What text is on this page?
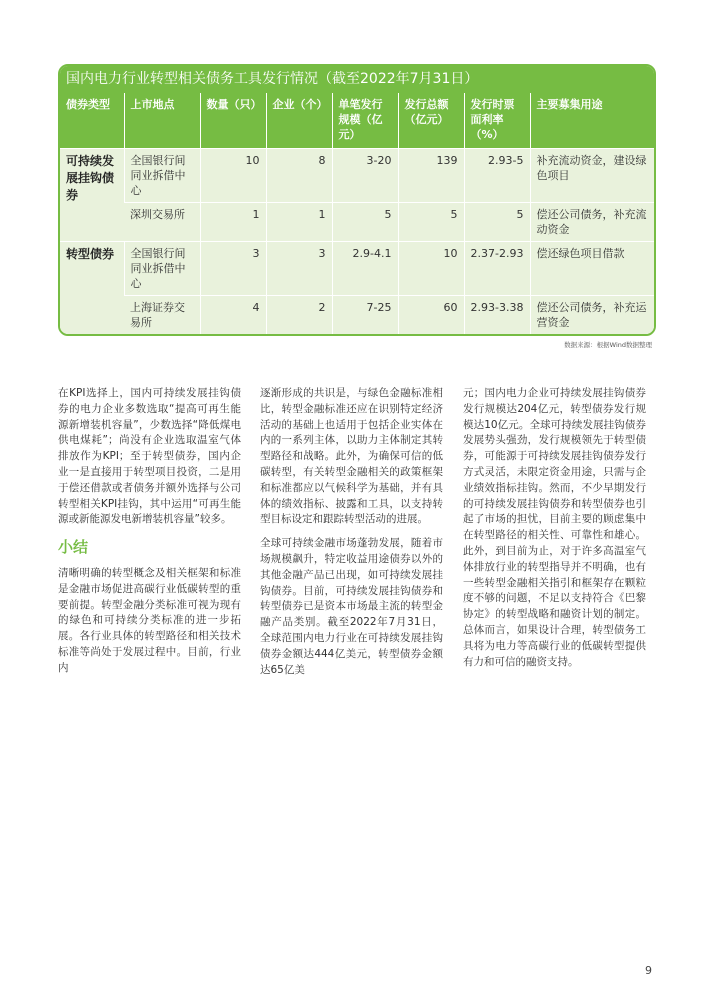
国内电力行业转型相关债务工具发行情况（截至2022年7月31日）
债券类型	上市地点	数量（只）	企业（个）	单笔发行规模（亿元）	发行总额（亿元）	发行时票面利率（%）	主要募集用途
可持续发展挂钩债券	全国银行间同业拆借中心	10	8	3-20	139	2.93-5	补充流动资金，建设绿色项目
	深圳交易所	1	1	5	5	5	偿还公司债务，补充流动资金
转型债券	全国银行间同业拆借中心	3	3	2.9-4.1	10	2.37-2.93	偿还绿色项目借款
	上海证券交易所	4	2	7-25	60	2.93-3.38	偿还公司债务，补充运营资金
数据来源：根据Wind数据整理

在KPI选择上，国内可持续发展挂钩债券的电力企业多数选取“提高可再生能源新增装机容量”，少数选择“降低煤电供电煤耗”；尚没有企业选取温室气体排放作为KPI；至于转型债券，国内企业一是直接用于转型项目投资，二是用于偿还借款或者债务并额外选择与公司转型相关KPI挂钩，其中运用“可再生能源或新能源发电新增装机容量”较多。

小结

清晰明确的转型概念及相关框架和标准是金融市场促进高碳行业低碳转型的重要前提。转型金融分类标准可视为现有的绿色和可持续分类标准的进一步拓展。各行业具体的转型路径和相关技术标准等尚处于发展过程中。目前，行业内

逐渐形成的共识是，与绿色金融标准相比，转型金融标准还应在识别特定经济活动的基础上也适用于包括企业实体在内的一系列主体，以助力主体制定其转型路径和战略。此外，为确保可信的低碳转型，有关转型金融相关的政策框架和标准都应以气候科学为基础，并有具体的绩效指标、披露和工具，以支持转型目标设定和跟踪转型活动的进展。

全球可持续金融市场蓬勃发展，随着市场规模飙升，特定收益用途债券以外的其他金融产品已出现，如可持续发展挂钩债券。目前，可持续发展挂钩债券和转型债券已是资本市场最主流的转型金融产品类别。截至2022年7月31日，全球范围内电力行业在可持续发展挂钩债券金额达444亿美元，转型债券金额达65亿美

元；国内电力企业可持续发展挂钩债券发行规模达204亿元，转型债券发行规模达10亿元。全球可持续发展挂钩债券发展势头强劲，发行规模领先于转型债券，可能源于可持续发展挂钩债券发行方式灵活，未限定资金用途，只需与企业绩效指标挂钩。然而，不少早期发行的可持续发展挂钩债券和转型债券也引起了市场的担忧，目前主要的顾虑集中在转型路径的相关性、可靠性和雄心。此外，到目前为止，对于许多高温室气体排放行业的转型指导并不明确，也有一些转型金融相关指引和框架存在颗粒度不够的问题，不足以支持符合《巴黎协定》的转型战略和融资计划的制定。总体而言，如果设计合理，转型债务工具将为电力等高碳行业的低碳转型提供有力和可信的融资支持。

9
